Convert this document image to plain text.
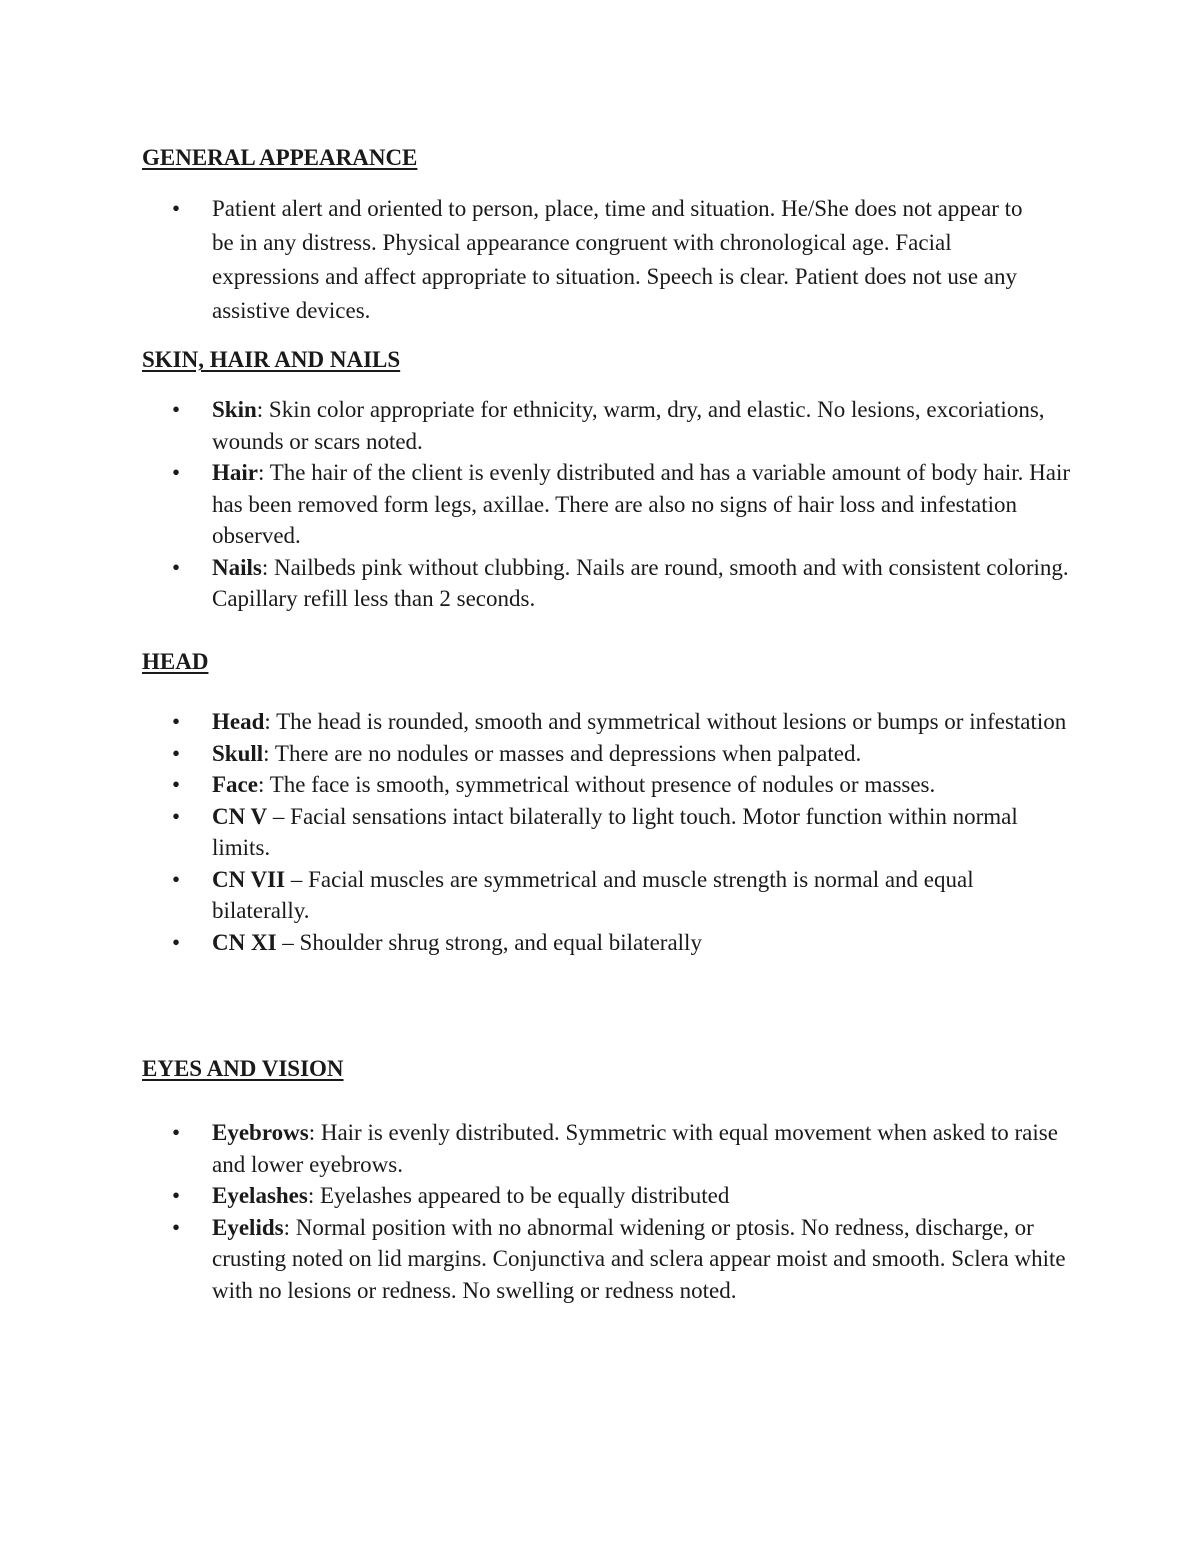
GENERAL APPEARANCE
• Patient alert and oriented to person, place, time and situation. He/She does not appear to be in any distress. Physical appearance congruent with chronological age. Facial expressions and affect appropriate to situation. Speech is clear. Patient does not use any assistive devices.
SKIN, HAIR AND NAILS
• Skin: Skin color appropriate for ethnicity, warm, dry, and elastic. No lesions, excoriations, wounds or scars noted.
• Hair: The hair of the client is evenly distributed and has a variable amount of body hair. Hair has been removed form legs, axillae. There are also no signs of hair loss and infestation observed.
• Nails: Nailbeds pink without clubbing. Nails are round, smooth and with consistent coloring. Capillary refill less than 2 seconds.
HEAD
• Head: The head is rounded, smooth and symmetrical without lesions or bumps or infestation
• Skull: There are no nodules or masses and depressions when palpated.
• Face: The face is smooth, symmetrical without presence of nodules or masses.
• CN V – Facial sensations intact bilaterally to light touch. Motor function within normal limits.
• CN VII – Facial muscles are symmetrical and muscle strength is normal and equal bilaterally.
• CN XI – Shoulder shrug strong, and equal bilaterally
EYES AND VISION
• Eyebrows: Hair is evenly distributed. Symmetric with equal movement when asked to raise and lower eyebrows.
• Eyelashes: Eyelashes appeared to be equally distributed
• Eyelids: Normal position with no abnormal widening or ptosis. No redness, discharge, or crusting noted on lid margins. Conjunctiva and sclera appear moist and smooth. Sclera white with no lesions or redness. No swelling or redness noted.
